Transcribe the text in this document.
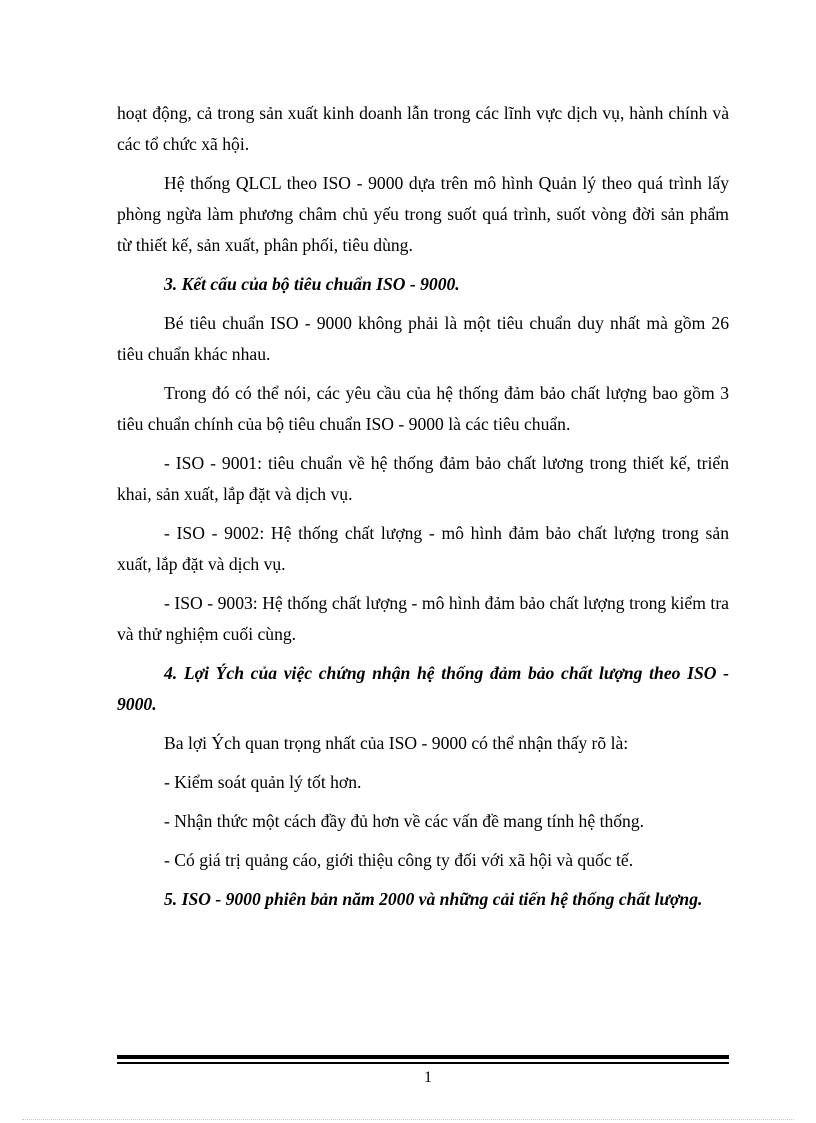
hoạt động, cả trong sản xuất kinh doanh lẫn trong các lĩnh vực dịch vụ, hành chính và các tổ chức xã hội.

Hệ thống QLCL theo ISO - 9000 dựa trên mô hình Quản lý theo quá trình lấy phòng ngừa làm phương châm chủ yếu trong suốt quá trình, suốt vòng đời sản phẩm từ thiết kế, sản xuất, phân phối, tiêu dùng.

3. Kết cấu của bộ tiêu chuẩn ISO - 9000.

Bé tiêu chuẩn ISO - 9000 không phải là một tiêu chuẩn duy nhất mà gồm 26 tiêu chuẩn khác nhau.

Trong đó có thể nói, các yêu cầu của hệ thống đảm bảo chất lượng bao gồm 3 tiêu chuẩn chính của bộ tiêu chuẩn ISO - 9000 là các tiêu chuẩn.

- ISO - 9001: tiêu chuẩn về hệ thống đảm bảo chất lương trong thiết kế, triển khai, sản xuất, lắp đặt và dịch vụ.

- ISO - 9002: Hệ thống chất lượng - mô hình đảm bảo chất lượng trong sản xuất, lắp đặt và dịch vụ.

- ISO - 9003: Hệ thống chất lượng - mô hình đảm bảo chất lượng trong kiểm tra và thử nghiệm cuối cùng.

4. Lợi Ých của việc chứng nhận hệ thống đảm bảo chất lượng theo ISO - 9000.

Ba lợi Ých quan trọng nhất của ISO - 9000 có thể nhận thấy rõ là:

- Kiểm soát quản lý tốt hơn.

- Nhận thức một cách đầy đủ hơn về các vấn đề mang tính hệ thống.

- Có giá trị quảng cáo, giới thiệu công ty đối với xã hội và quốc tế.

5. ISO - 9000 phiên bản năm 2000 và những cải tiến hệ thống chất lượng.

1
